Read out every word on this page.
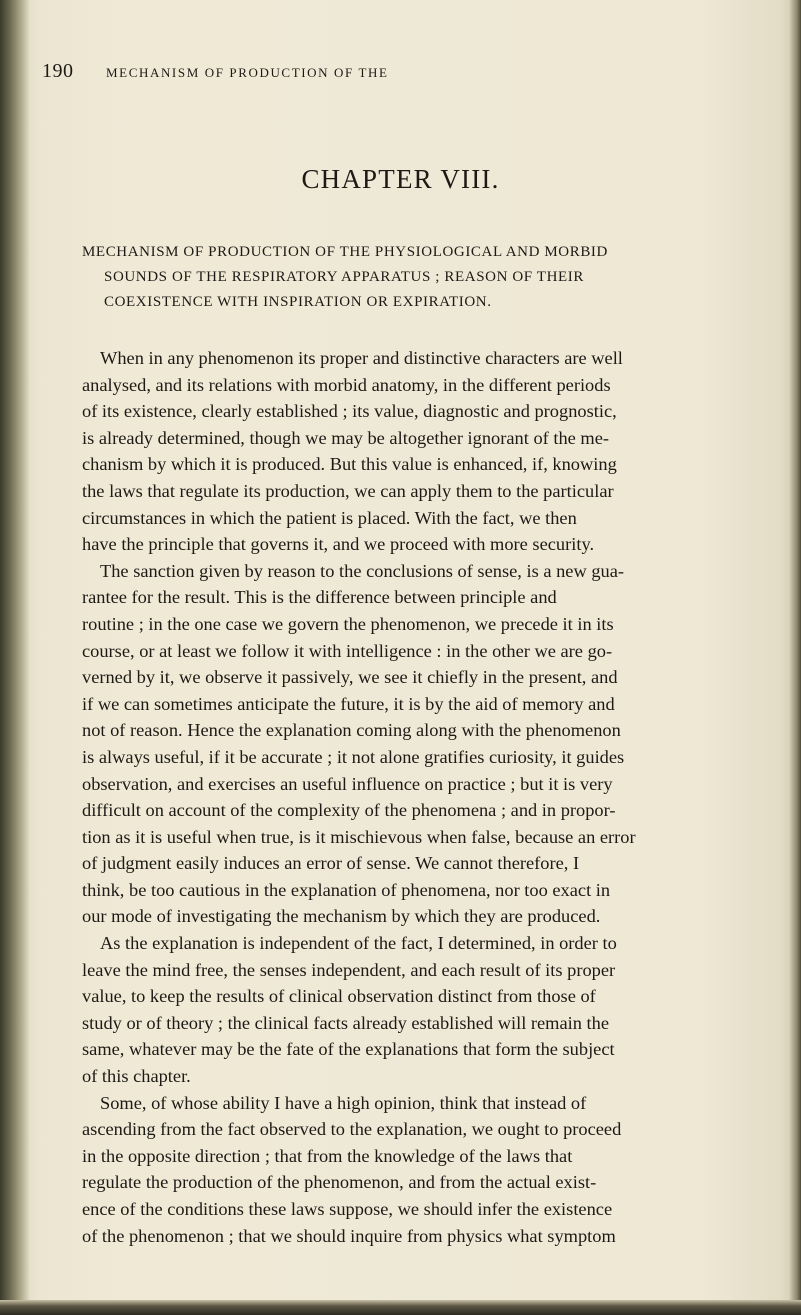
190	MECHANISM OF PRODUCTION OF THE
CHAPTER VIII.
MECHANISM OF PRODUCTION OF THE PHYSIOLOGICAL AND MORBID
SOUNDS OF THE RESPIRATORY APPARATUS ; REASON OF THEIR
COEXISTENCE WITH INSPIRATION OR EXPIRATION.

When in any phenomenon its proper and distinctive characters are well
analysed, and its relations with morbid anatomy, in the different periods
of its existence, clearly established ; its value, diagnostic and prognostic,
is already determined, though we may be altogether ignorant of the me-
chanism by which it is produced. But this value is enhanced, if, knowing
the laws that regulate its production, we can apply them to the particular
circumstances in which the patient is placed. With the fact, we then
have the principle that governs it, and we proceed with more security.

The sanction given by reason to the conclusions of sense, is a new gua-
rantee for the result. This is the difference between principle and
routine ; in the one case we govern the phenomenon, we precede it in its
course, or at least we follow it with intelligence : in the other we are go-
verned by it, we observe it passively, we see it chiefly in the present, and
if we can sometimes anticipate the future, it is by the aid of memory and
not of reason. Hence the explanation coming along with the phenomenon
is always useful, if it be accurate ; it not alone gratifies curiosity, it guides
observation, and exercises an useful influence on practice ; but it is very
difficult on account of the complexity of the phenomena ; and in propor-
tion as it is useful when true, is it mischievous when false, because an error
of judgment easily induces an error of sense. We cannot therefore, I
think, be too cautious in the explanation of phenomena, nor too exact in
our mode of investigating the mechanism by which they are produced.

As the explanation is independent of the fact, I determined, in order to
leave the mind free, the senses independent, and each result of its proper
value, to keep the results of clinical observation distinct from those of
study or of theory ; the clinical facts already established will remain the
same, whatever may be the fate of the explanations that form the subject
of this chapter.

Some, of whose ability I have a high opinion, think that instead of
ascending from the fact observed to the explanation, we ought to proceed
in the opposite direction ; that from the knowledge of the laws that
regulate the production of the phenomenon, and from the actual exist-
ence of the conditions these laws suppose, we should infer the existence
of the phenomenon ; that we should inquire from physics what symptom
